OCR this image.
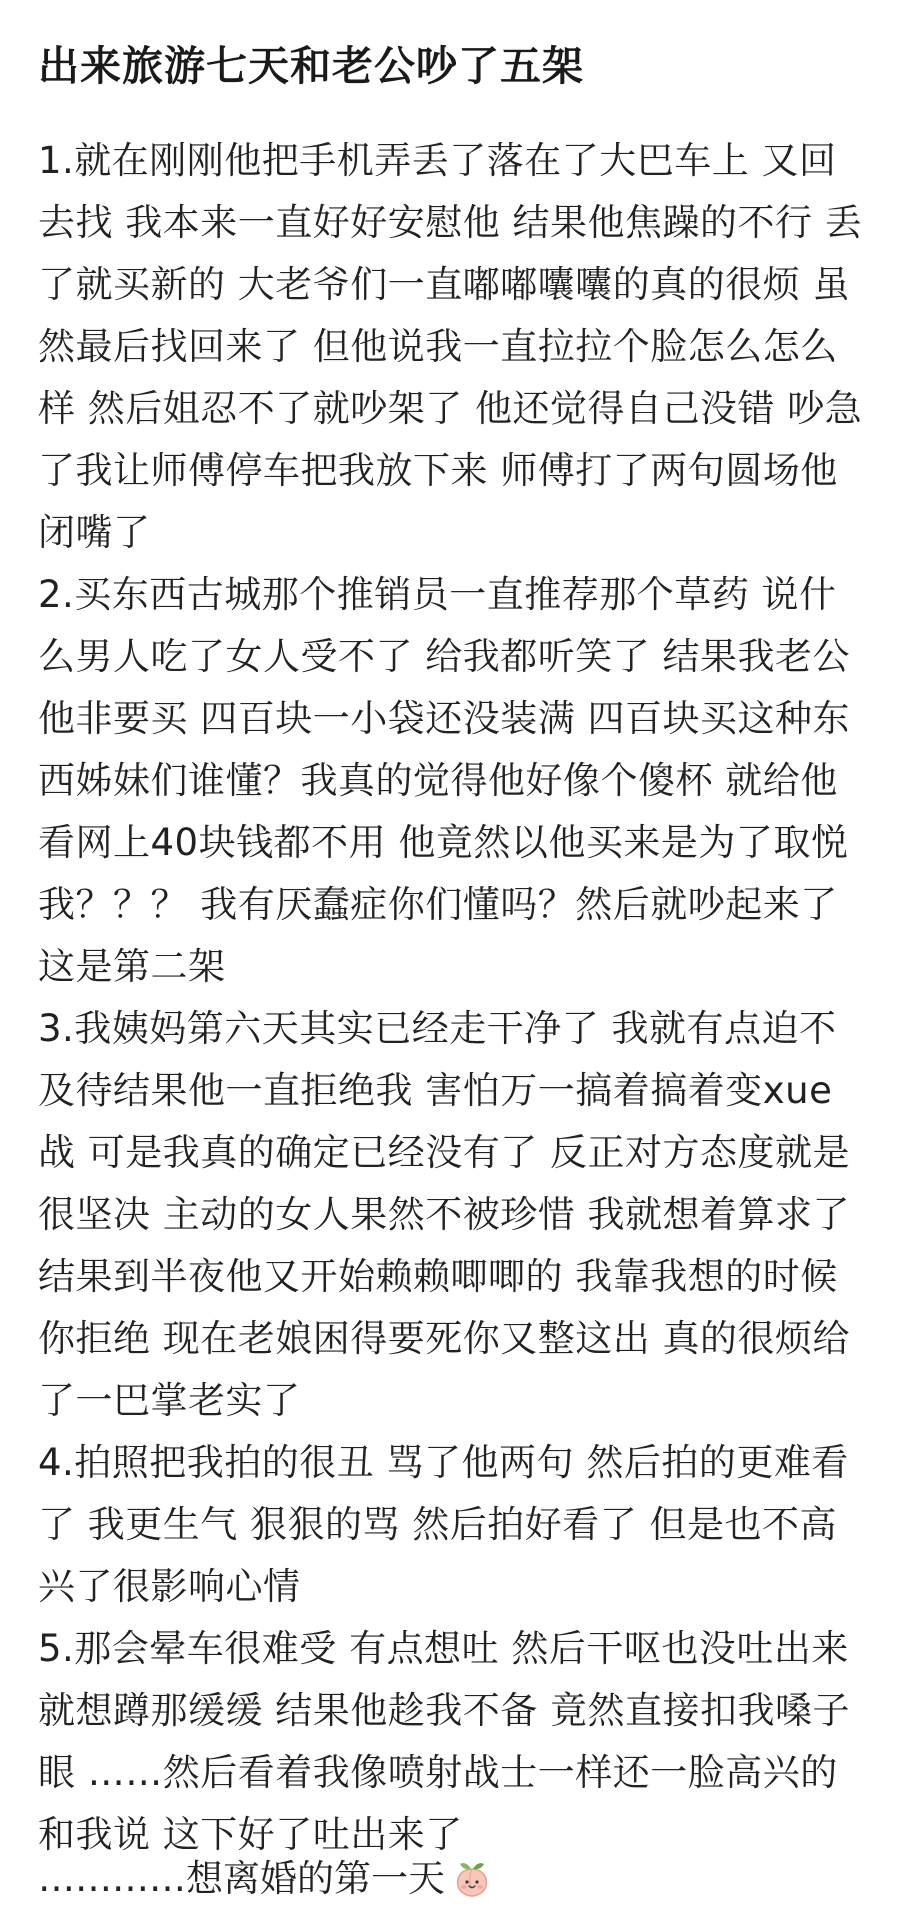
出来旅游七天和老公吵了五架

1.就在刚刚他把手机弄丢了落在了大巴车上 又回去找 我本来一直好好安慰他 结果他焦躁的不行 丢了就买新的 大老爷们一直嘟嘟囔囔的真的很烦 虽然最后找回来了 但他说我一直拉拉个脸怎么怎么样 然后姐忍不了就吵架了 他还觉得自己没错 吵急了我让师傅停车把我放下来 师傅打了两句圆场他闭嘴了

2.买东西古城那个推销员一直推荐那个草药 说什么男人吃了女人受不了 给我都听笑了 结果我老公他非要买 四百块一小袋还没装满 四百块买这种东西姊妹们谁懂？我真的觉得他好像个傻杯 就给他看网上40块钱都不用 他竟然以他买来是为了取悦我？？？ 我有厌蠢症你们懂吗？然后就吵起来了 这是第二架

3.我姨妈第六天其实已经走干净了 我就有点迫不及待结果他一直拒绝我 害怕万一搞着搞着变xue战 可是我真的确定已经没有了 反正对方态度就是很坚决 主动的女人果然不被珍惜 我就想着算求了 结果到半夜他又开始赖赖唧唧的 我靠我想的时候你拒绝 现在老娘困得要死你又整这出 真的很烦给了一巴掌老实了

4.拍照把我拍的很丑 骂了他两句 然后拍的更难看了 我更生气 狠狠的骂 然后拍好看了 但是也不高兴了很影响心情

5.那会晕车很难受 有点想吐 然后干呕也没吐出来 就想蹲那缓缓 结果他趁我不备 竟然直接扣我嗓子眼 ……然后看着我像喷射战士一样还一脸高兴的和我说 这下好了吐出来了

…………想离婚的第一天
